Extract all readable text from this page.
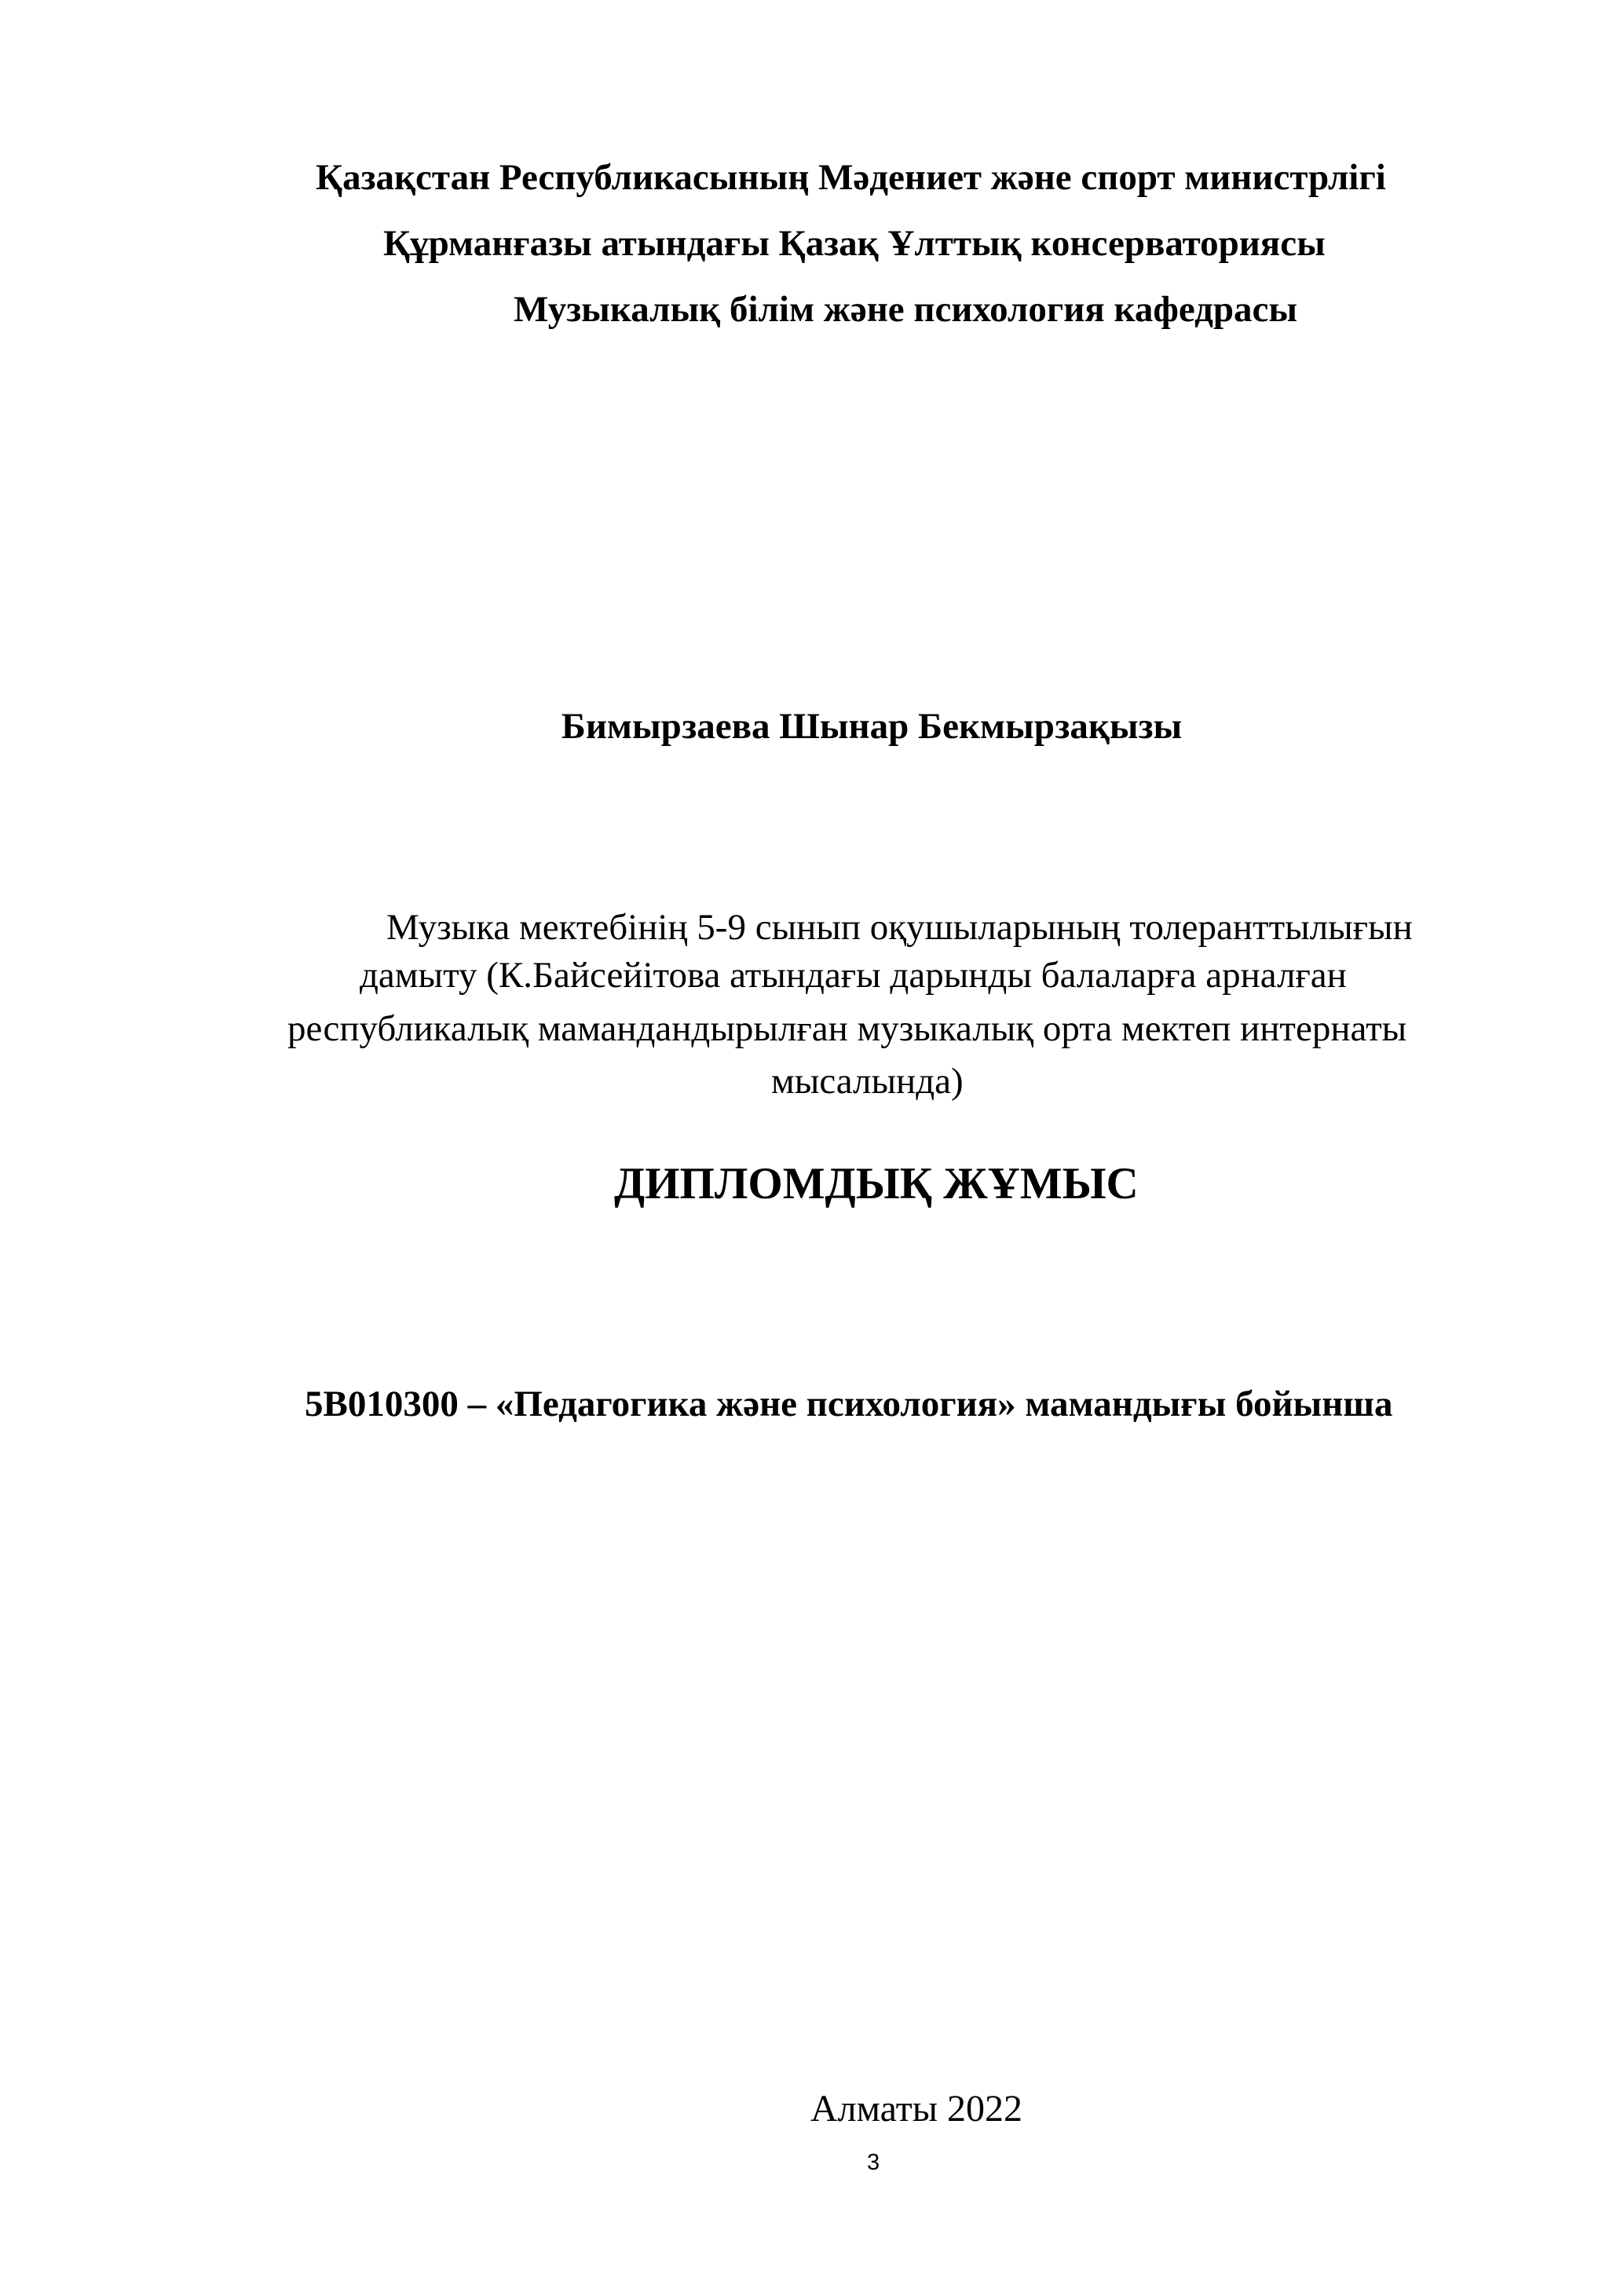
Қазақстан Республикасының Мәдениет және спорт министрлігі
Құрманғазы атындағы Қазақ Ұлттық консерваториясы
Музыкалық білім және психология кафедрасы
Бимырзаева Шынар Бекмырзақызы
Музыка мектебінің 5-9 сынып оқушыларының толеранттылығын
дамыту (К.Байсейітова атындағы дарынды балаларға арналған
республикалық мамандандырылған музыкалық орта мектеп интернаты
мысалында)
ДИПЛОМДЫҚ ЖҰМЫС
5В010300 – «Педагогика және психология» мамандығы бойынша
Алматы 2022
3
